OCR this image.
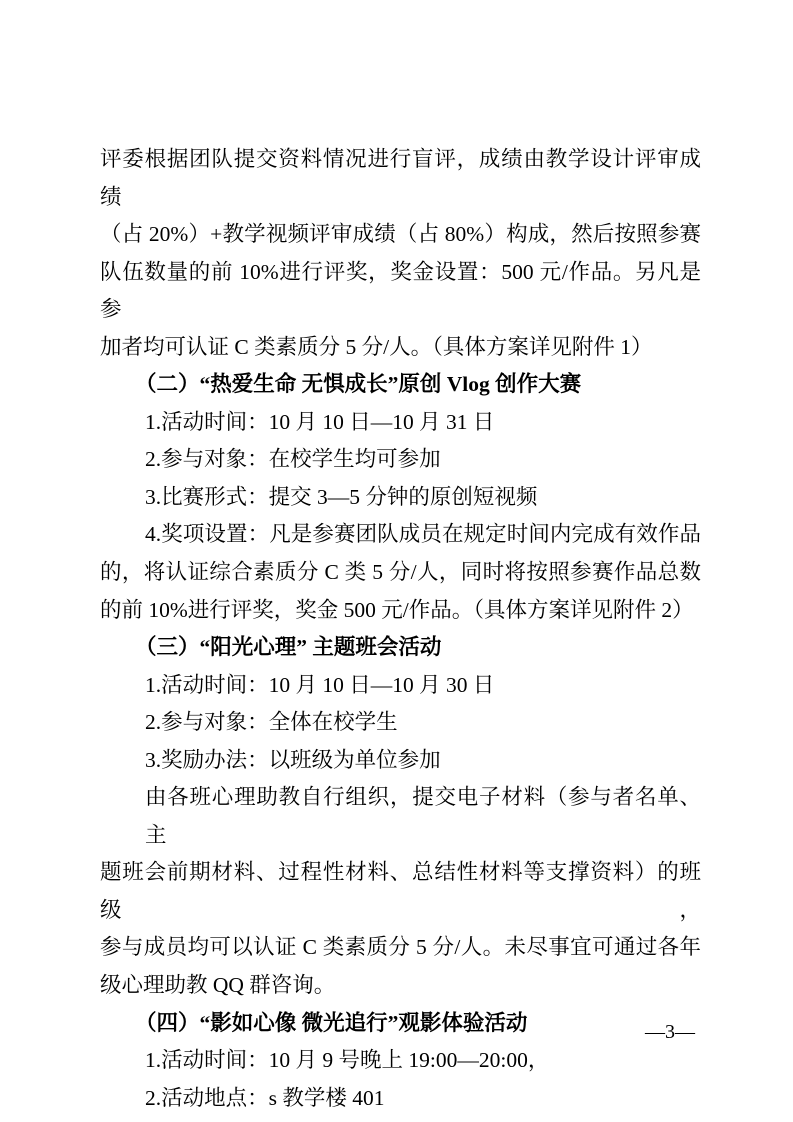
评委根据团队提交资料情况进行盲评，成绩由教学设计评审成绩
（占 20%）+教学视频评审成绩（占 80%）构成，然后按照参赛
队伍数量的前 10%进行评奖，奖金设置：500 元/作品。另凡是参
加者均可认证 C 类素质分 5 分/人。（具体方案详见附件 1）
（二）“热爱生命 无惧成长”原创 Vlog 创作大赛
1.活动时间：10 月 10 日—10 月 31 日
2.参与对象：在校学生均可参加
3.比赛形式：提交 3—5 分钟的原创短视频
4.奖项设置：凡是参赛团队成员在规定时间内完成有效作品
的，将认证综合素质分 C 类 5 分/人，同时将按照参赛作品总数
的前 10%进行评奖，奖金 500 元/作品。（具体方案详见附件 2）
（三）“阳光心理” 主题班会活动
1.活动时间：10 月 10 日—10 月 30 日
2.参与对象：全体在校学生
3.奖励办法：以班级为单位参加
由各班心理助教自行组织，提交电子材料（参与者名单、主
题班会前期材料、过程性材料、总结性材料等支撑资料）的班级，
参与成员均可以认证 C 类素质分 5 分/人。未尽事宜可通过各年
级心理助教 QQ 群咨询。
（四）“影如心像 微光追行”观影体验活动
1.活动时间：10 月 9 号晚上 19:00—20:00，
2.活动地点：s 教学楼 401
—3—
